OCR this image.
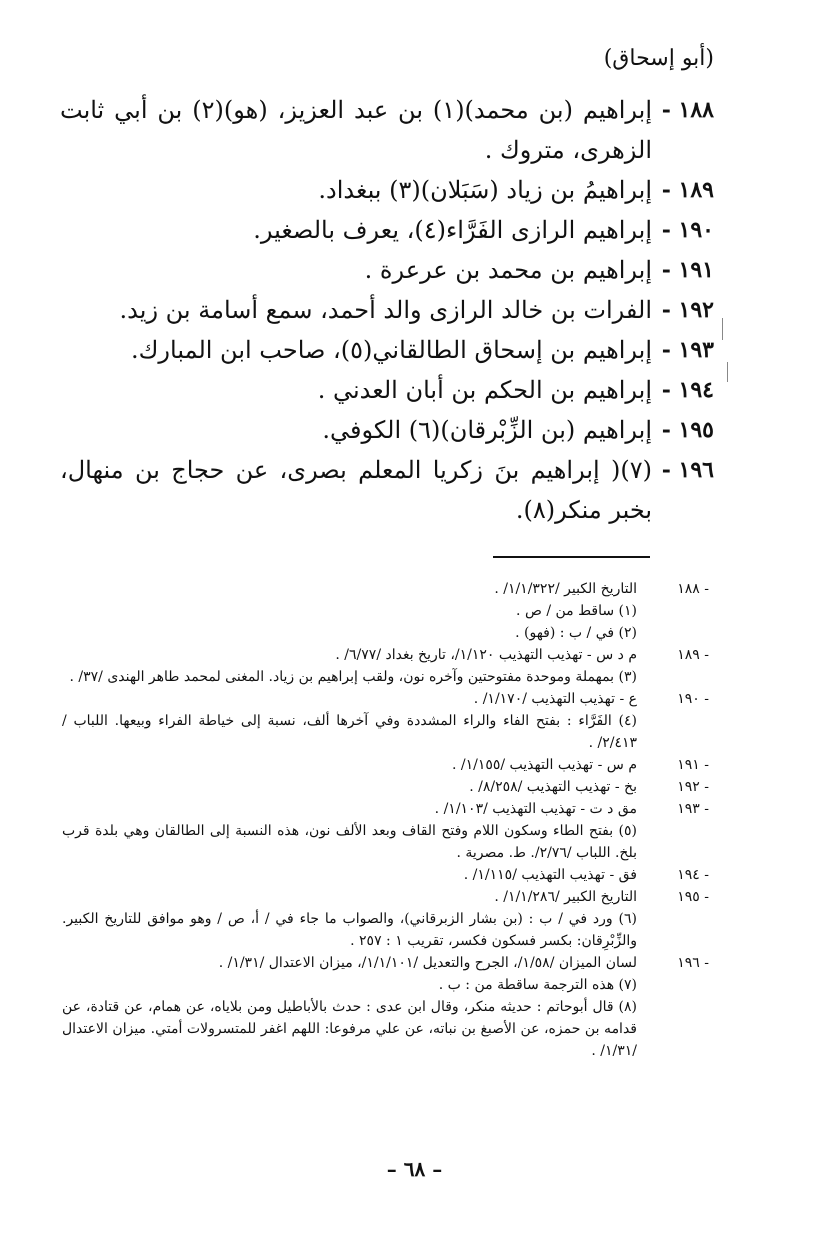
(أبو إسحاق)
١٨٨ -
إبراهيم (بن محمد)(١) بن عبد العزيز، (هو)(٢) بن أبي ثابت الزهرى، متروك .
١٨٩ -
إبراهيمُ بن زياد (سَبَلان)(٣) ببغداد.
١٩٠ -
إبراهيم الرازى الفَرَّاء(٤)، يعرف بالصغير.
١٩١ -
إبراهيم بن محمد بن عرعرة .
١٩٢ -
الفرات بن خالد الرازى والد أحمد، سمع أسامة بن زيد.
١٩٣ -
إبراهيم بن إسحاق الطالقاني(٥)، صاحب ابن المبارك.
١٩٤ -
إبراهيم بن الحكم بن أبان العدني .
١٩٥ -
إبراهيم (بن الزِّبْرقان)(٦) الكوفي.
١٩٦ -
(٧)( إبراهيم بنَ زكريا المعلم بصرى، عن حجاج بن منهال، بخبر منكر(٨).
- ١٨٨
التاريخ الكبير /١/١/٣٢٢/ .
(١) ساقط من / ص .
(٢) في / ب : (فهو) .
- ١٨٩
م د س - تهذيب التهذيب ١/١٢٠/، تاريخ بغداد /٦/٧٧/ .
(٣) بمهملة وموحدة مفتوحتين وآخره نون، ولقب إبراهيم بن زياد. المغنى لمحمد طاهر الهندى /٣٧/ .
- ١٩٠
ع - تهذيب التهذيب /١/١٧٠/ .
(٤) الفَرَّاء : بفتح الفاء والراء المشددة وفي آخرها ألف، نسبة إلى خياطة الفراء وبيعها. اللباب /٢/٤١٣/ .
- ١٩١
م س - تهذيب التهذيب /١/١٥٥/ .
- ١٩٢
بخ - تهذيب التهذيب /٨/٢٥٨/ .
- ١٩٣
مق د ت - تهذيب التهذيب /١/١٠٣/ .
(٥) بفتح الطاء وسكون اللام وفتح القاف وبعد الألف نون، هذه النسبة إلى الطالقان وهي بلدة قرب بلخ. اللباب /٢/٧٦/. ط. مصرية .
- ١٩٤
فق - تهذيب التهذيب /١/١١٥/ .
- ١٩٥
التاريخ الكبير /١/١/٢٨٦/ .
(٦) ورد في / ب : (بن بشار الزبرقاني)، والصواب ما جاء في / أ، ص / وهو موافق للتاريخ الكبير. والزِّبْرِقان: بكسر فسكون فكسر، تقريب ١ : ٢٥٧ .
- ١٩٦
لسان الميزان /١/٥٨/، الجرح والتعديل /١/١/١٠١/، ميزان الاعتدال /١/٣١/ .
(٧) هذه الترجمة ساقطة من : ب .
(٨) قال أبوحاتم : حديثه منكر، وقال ابن عدى : حدث بالأباطيل ومن بلاياه، عن همام، عن قتادة، عن قدامه بن حمزه، عن الأصبغ بن نباته، عن علي مرفوعا: اللهم اغفر للمتسرولات أمتي. ميزان الاعتدال /١/٣١/ .
– ٦٨ –
